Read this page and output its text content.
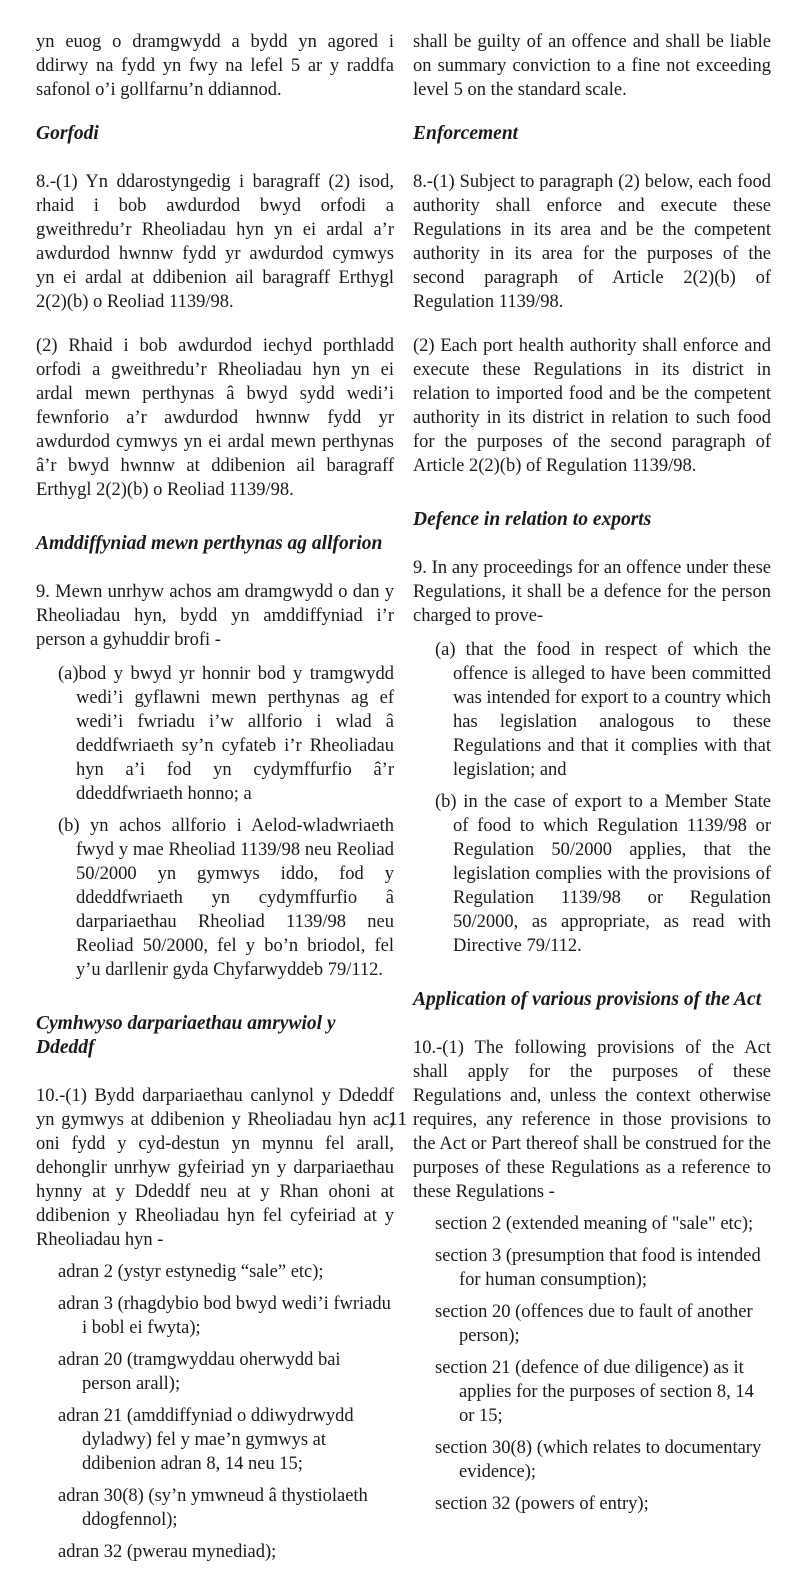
yn euog o dramgwydd a bydd yn agored i ddirwy na fydd yn fwy na lefel 5 ar y raddfa safonol o’i gollfarnu’n ddiannod.

Gorfodi

8.-(1) Yn ddarostyngedig i baragraff (2) isod, rhaid i bob awdurdod bwyd orfodi a gweithredu’r Rheoliadau hyn yn ei ardal a’r awdurdod hwnnw fydd yr awdurdod cymwys yn ei ardal at ddibenion ail baragraff Erthygl 2(2)(b) o Reoliad 1139/98.

(2) Rhaid i bob awdurdod iechyd porthladd orfodi a gweithredu’r Rheoliadau hyn yn ei ardal mewn perthynas â bwyd sydd wedi’i fewnforio a’r awdurdod hwnnw fydd yr awdurdod cymwys yn ei ardal mewn perthynas â’r bwyd hwnnw at ddibenion ail baragraff Erthygl 2(2)(b) o Reoliad 1139/98.

Amddiffyniad mewn perthynas ag allforion

9. Mewn unrhyw achos am dramgwydd o dan y Rheoliadau hyn, bydd yn amddiffyniad i’r person a gyhuddir brofi -

(a)bod y bwyd yr honnir bod y tramgwydd wedi’i gyflawni mewn perthynas ag ef wedi’i fwriadu i’w allforio i wlad â deddfwriaeth sy’n cyfateb i’r Rheoliadau hyn a’i fod yn cydymffurfio â’r ddeddfwriaeth honno; a

(b) yn achos allforio i Aelod-wladwriaeth fwyd y mae Rheoliad 1139/98 neu Reoliad 50/2000 yn gymwys iddo, fod y ddeddfwriaeth yn cydymffurfio â darpariaethau Rheoliad 1139/98 neu Reoliad 50/2000, fel y bo’n briodol, fel y’u darllenir gyda Chyfarwyddeb 79/112.

Cymhwyso darpariaethau amrywiol y Ddeddf

10.-(1) Bydd darpariaethau canlynol y Ddeddf yn gymwys at ddibenion y Rheoliadau hyn ac, oni fydd y cyd-destun yn mynnu fel arall, dehonglir unrhyw gyfeiriad yn y darpariaethau hynny at y Ddeddf neu at y Rhan ohoni at ddibenion y Rheoliadau hyn fel cyfeiriad at y Rheoliadau hyn -

adran 2 (ystyr estynedig “sale” etc);

adran 3 (rhagdybio bod bwyd wedi’i fwriadu i bobl ei fwyta);

adran 20 (tramgwyddau oherwydd bai person arall);

adran 21 (amddiffyniad o ddiwydrwydd dyladwy) fel y mae’n gymwys at ddibenion adran 8, 14 neu 15;

adran 30(8) (sy’n ymwneud â thystiolaeth ddogfennol);

adran 32 (pwerau mynediad);

shall be guilty of an offence and shall be liable on summary conviction to a fine not exceeding level 5 on the standard scale.

Enforcement

8.-(1) Subject to paragraph (2) below, each food authority shall enforce and execute these Regulations in its area and be the competent authority in its area for the purposes of the second paragraph of Article 2(2)(b) of Regulation 1139/98.

(2) Each port health authority shall enforce and execute these Regulations in its district in relation to imported food and be the competent authority in its district in relation to such food for the purposes of the second paragraph of Article 2(2)(b) of Regulation 1139/98.

Defence in relation to exports

9. In any proceedings for an offence under these Regulations, it shall be a defence for the person charged to prove-

(a) that the food in respect of which the offence is alleged to have been committed was intended for export to a country which has legislation analogous to these Regulations and that it complies with that legislation; and

(b) in the case of export to a Member State of food to which Regulation 1139/98 or Regulation 50/2000 applies, that the legislation complies with the provisions of Regulation 1139/98 or Regulation 50/2000, as appropriate, as read with Directive 79/112.

Application of various provisions of the Act

10.-(1) The following provisions of the Act shall apply for the purposes of these Regulations and, unless the context otherwise requires, any reference in those provisions to the Act or Part thereof shall be construed for the purposes of these Regulations as a reference to these Regulations -

section 2 (extended meaning of "sale" etc);

section 3 (presumption that food is intended for human consumption);

section 20 (offences due to fault of another person);

section 21 (defence of due diligence) as it applies for the purposes of section 8, 14 or 15;

section 30(8) (which relates to documentary evidence);

section 32 (powers of entry);

11
